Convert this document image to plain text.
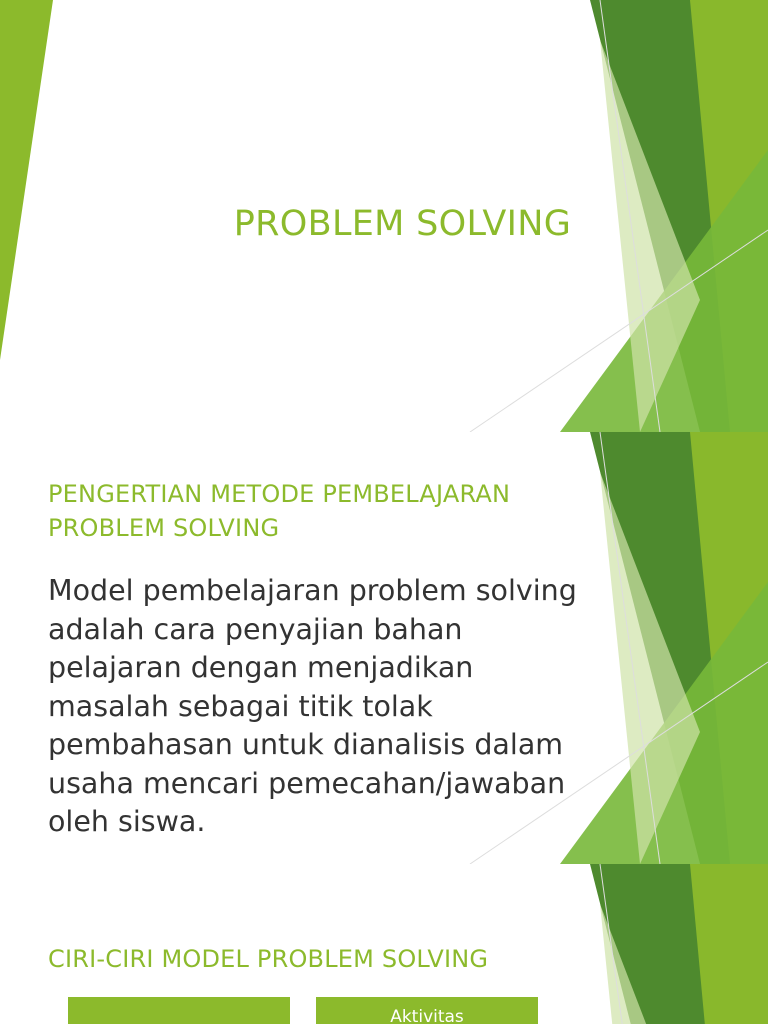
PROBLEM SOLVING
PENGERTIAN METODE PEMBELAJARAN PROBLEM SOLVING
Model pembelajaran problem solving adalah cara penyajian bahan pelajaran dengan menjadikan masalah sebagai titik tolak pembahasan untuk dianalisis dalam usaha mencari pemecahan/jawaban oleh siswa.
CIRI-CIRI MODEL PROBLEM SOLVING
Aktivitas
